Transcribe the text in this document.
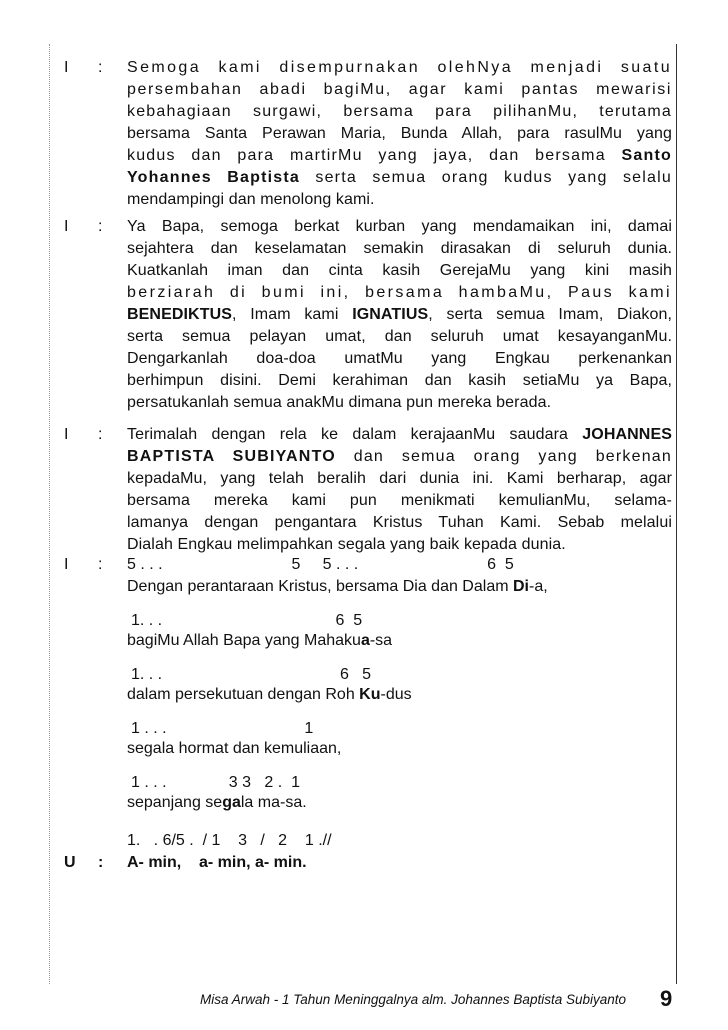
I : Semoga kami disempurnakan olehNya menjadi suatu
persembahan abadi bagiMu, agar kami pantas mewarisi
kebahagiaan surgawi, bersama para pilihanMu, terutama
bersama Santa Perawan Maria, Bunda Allah, para rasulMu yang
kudus dan para martirMu yang jaya, dan bersama Santo
Yohannes Baptista serta semua orang kudus yang selalu
mendampingi dan menolong kami.
I : Ya Bapa, semoga berkat kurban yang mendamaikan ini, damai
sejahtera dan keselamatan semakin dirasakan di seluruh dunia.
Kuatkanlah iman dan cinta kasih GerejaMu yang kini masih
berziarah di bumi ini, bersama hambaMu, Paus kami
BENEDIKTUS, Imam kami IGNATIUS, serta semua Imam, Diakon,
serta semua pelayan umat, dan seluruh umat kesayanganMu.
Dengarkanlah doa-doa umatMu yang Engkau perkenankan
berhimpun disini. Demi kerahiman dan kasih setiaMu ya Bapa,
persatukanlah semua anakMu dimana pun mereka berada.
I : Terimalah dengan rela ke dalam kerajaanMu saudara JOHANNES
BAPTISTA SUBIYANTO dan semua orang yang berkenan
kepadaMu, yang telah beralih dari dunia ini. Kami berharap, agar
bersama mereka kami pun menikmati kemulianMu, selama-
lamanya dengan pengantara Kristus Tuhan Kami. Sebab melalui
Dialah Engkau melimpahkan segala yang baik kepada dunia.
I : 5 . . .                             5     5 . . .                             6  5
Dengan perantaraan Kristus, bersama Dia dan Dalam Di-a,
1. . .                                       6  5
bagiMu Allah Bapa yang Mahakua-sa
1. . .                                        6   5
dalam persekutuan dengan Roh Ku-dus
1 . . .                               1
segala hormat dan kemuliaan,
1 . . .              3 3   2 .  1
sepanjang segala ma-sa.
1.   . 6/5 .  / 1    3   /   2    1 .//
U : A- min,    a- min, a- min.
Misa Arwah - 1 Tahun Meninggalnya alm. Johannes Baptista Subiyanto 9
